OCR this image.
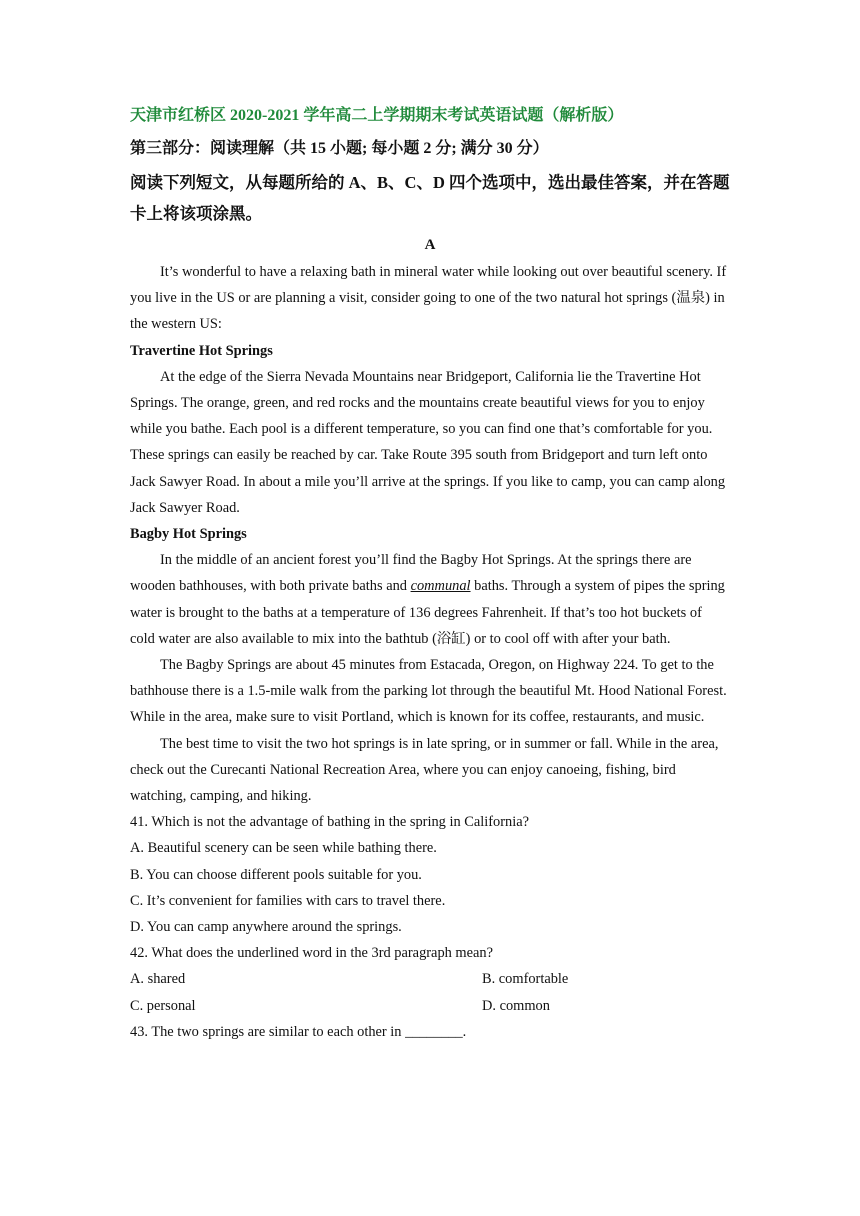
天津市红桥区 2020-2021 学年高二上学期期末考试英语试题（解析版）
第三部分：阅读理解（共 15 小题; 每小题 2 分; 满分 30 分）
阅读下列短文，从每题所给的 A、B、C、D 四个选项中，选出最佳答案，并在答题卡上将该项涂黑。
A

It’s wonderful to have a relaxing bath in mineral water while looking out over beautiful scenery. If you live in the US or are planning a visit, consider going to one of the two natural hot springs (温泉) in the western US:

Travertine Hot Springs

At the edge of the Sierra Nevada Mountains near Bridgeport, California lie the Travertine Hot Springs. The orange, green, and red rocks and the mountains create beautiful views for you to enjoy while you bathe. Each pool is a different temperature, so you can find one that’s comfortable for you. These springs can easily be reached by car. Take Route 395 south from Bridgeport and turn left onto Jack Sawyer Road. In about a mile you’ll arrive at the springs. If you like to camp, you can camp along Jack Sawyer Road.

Bagby Hot Springs

In the middle of an ancient forest you’ll find the Bagby Hot Springs. At the springs there are wooden bathhouses, with both private baths and communal baths. Through a system of pipes the spring water is brought to the baths at a temperature of 136 degrees Fahrenheit. If that’s too hot buckets of cold water are also available to mix into the bathtub (浴缸) or to cool off with after your bath.

The Bagby Springs are about 45 minutes from Estacada, Oregon, on Highway 224. To get to the bathhouse there is a 1.5-mile walk from the parking lot through the beautiful Mt. Hood National Forest. While in the area, make sure to visit Portland, which is known for its coffee, restaurants, and music.

The best time to visit the two hot springs is in late spring, or in summer or fall. While in the area, check out the Curecanti National Recreation Area, where you can enjoy canoeing, fishing, bird watching, camping, and hiking.

41. Which is not the advantage of bathing in the spring in California?

A. Beautiful scenery can be seen while bathing there.

B. You can choose different pools suitable for you.

C. It’s convenient for families with cars to travel there.

D. You can camp anywhere around the springs.

42. What does the underlined word in the 3rd paragraph mean?

A. shared	B. comfortable
C. personal	D. common

43. The two springs are similar to each other in ________.
